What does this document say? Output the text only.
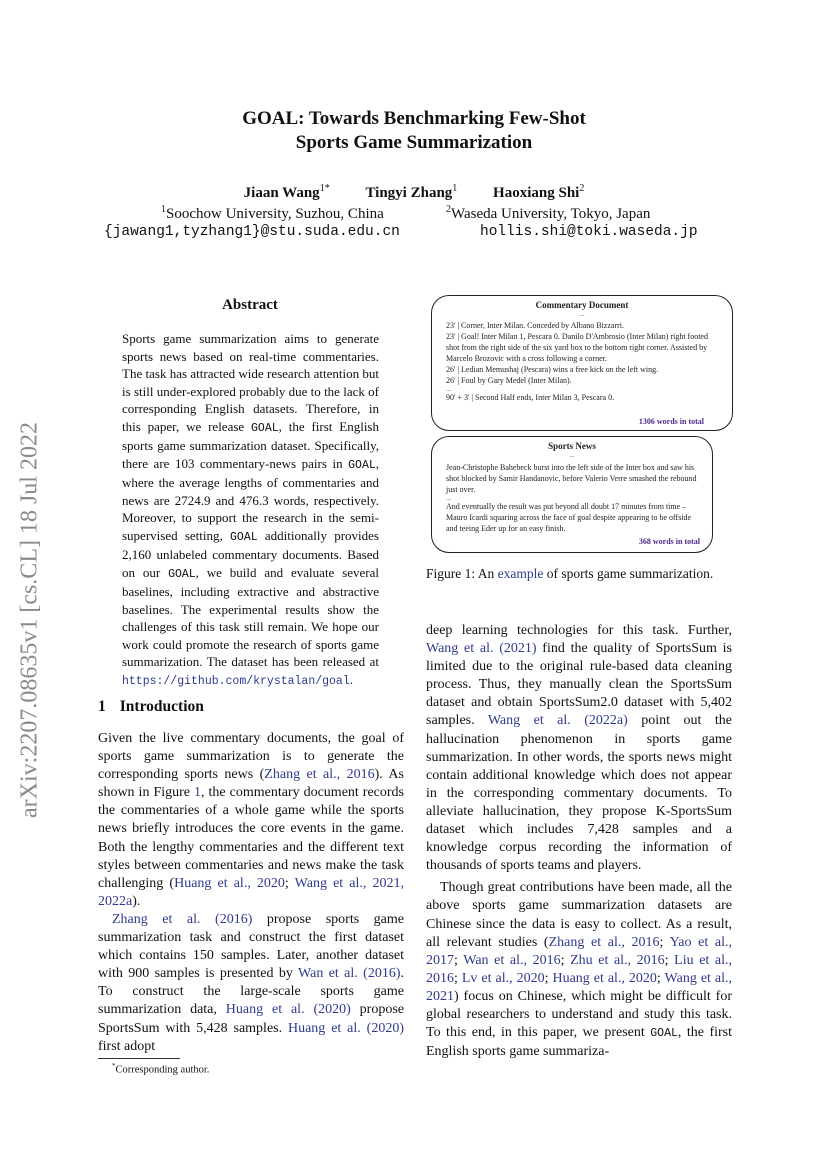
arXiv:2207.08635v1 [cs.CL] 18 Jul 2022
GOAL: Towards Benchmarking Few-Shot
Sports Game Summarization
Jiaan Wang$^{1*}$ Tingyi Zhang$^1$ Haoxiang Shi$^2$
$^1$Soochow University, Suzhou, China	$^2$Waseda University, Tokyo, Japan
{jawang1,tyzhang1}@stu.suda.edu.cn	hollis.shi@toki.waseda.jp
Abstract
Sports game summarization aims to generate sports news based on real-time commentaries. The task has attracted wide research attention but is still under-explored probably due to the lack of corresponding English datasets. Therefore, in this paper, we release GOAL, the first English sports game summarization dataset. Specifically, there are 103 commentary-news pairs in GOAL, where the average lengths of commentaries and news are 2724.9 and 476.3 words, respectively. Moreover, to support the research in the semi-supervised setting, GOAL additionally provides 2,160 unlabeled commentary documents. Based on our GOAL, we build and evaluate several baselines, including extractive and abstractive baselines. The experimental results show the challenges of this task still remain. We hope our work could promote the research of sports game summarization. The dataset has been released at https://github.com/krystalan/goal.
1 Introduction

Given the live commentary documents, the goal of sports game summarization is to generate the corresponding sports news (Zhang et al., 2016). As shown in Figure 1, the commentary document records the commentaries of a whole game while the sports news briefly introduces the core events in the game. Both the lengthy commentaries and the different text styles between commentaries and news make the task challenging (Huang et al., 2020; Wang et al., 2021, 2022a).

Zhang et al. (2016) propose sports game summarization task and construct the first dataset which contains 150 samples. Later, another dataset with 900 samples is presented by Wan et al. (2016). To construct the large-scale sports game summarization data, Huang et al. (2020) propose SportsSum with 5,428 samples. Huang et al. (2020) first adopt

*Corresponding author.
Commentary Document
...
23' | Corner, Inter Milan. Conceded by Albano Bizzarri.
23' | Goal! Inter Milan 1, Pescara 0. Danilo D'Ambrosio (Inter Milan) right footed shot from the right side of the six yard box to the bottom right corner. Assisted by Marcelo Brozovic with a cross following a corner.
26' | Ledian Memushaj (Pescara) wins a free kick on the left wing.
26' | Foul by Gary Medel (Inter Milan).
...
90' + 3' | Second Half ends, Inter Milan 3, Pescara 0.
1306 words in total
Sports News
...
Jean-Christophe Bahebeck burst into the left side of the Inter box and saw his shot blocked by Samir Handanovic, before Valerio Verre smashed the rebound just over.
...
And eventually the result was put beyond all doubt 17 minutes from time – Mauro Icardi squaring across the face of goal despite appearing to be offside and teeing Eder up for an easy finish.
368 words in total
Figure 1: An example of sports game summarization.

deep learning technologies for this task. Further, Wang et al. (2021) find the quality of SportsSum is limited due to the original rule-based data cleaning process. Thus, they manually clean the SportsSum dataset and obtain SportsSum2.0 dataset with 5,402 samples. Wang et al. (2022a) point out the hallucination phenomenon in sports game summarization. In other words, the sports news might contain additional knowledge which does not appear in the corresponding commentary documents. To alleviate hallucination, they propose K-SportsSum dataset which includes 7,428 samples and a knowledge corpus recording the information of thousands of sports teams and players.

Though great contributions have been made, all the above sports game summarization datasets are Chinese since the data is easy to collect. As a result, all relevant studies (Zhang et al., 2016; Yao et al., 2017; Wan et al., 2016; Zhu et al., 2016; Liu et al., 2016; Lv et al., 2020; Huang et al., 2020; Wang et al., 2021) focus on Chinese, which might be difficult for global researchers to understand and study this task. To this end, in this paper, we present GOAL, the first English sports game summariza-
